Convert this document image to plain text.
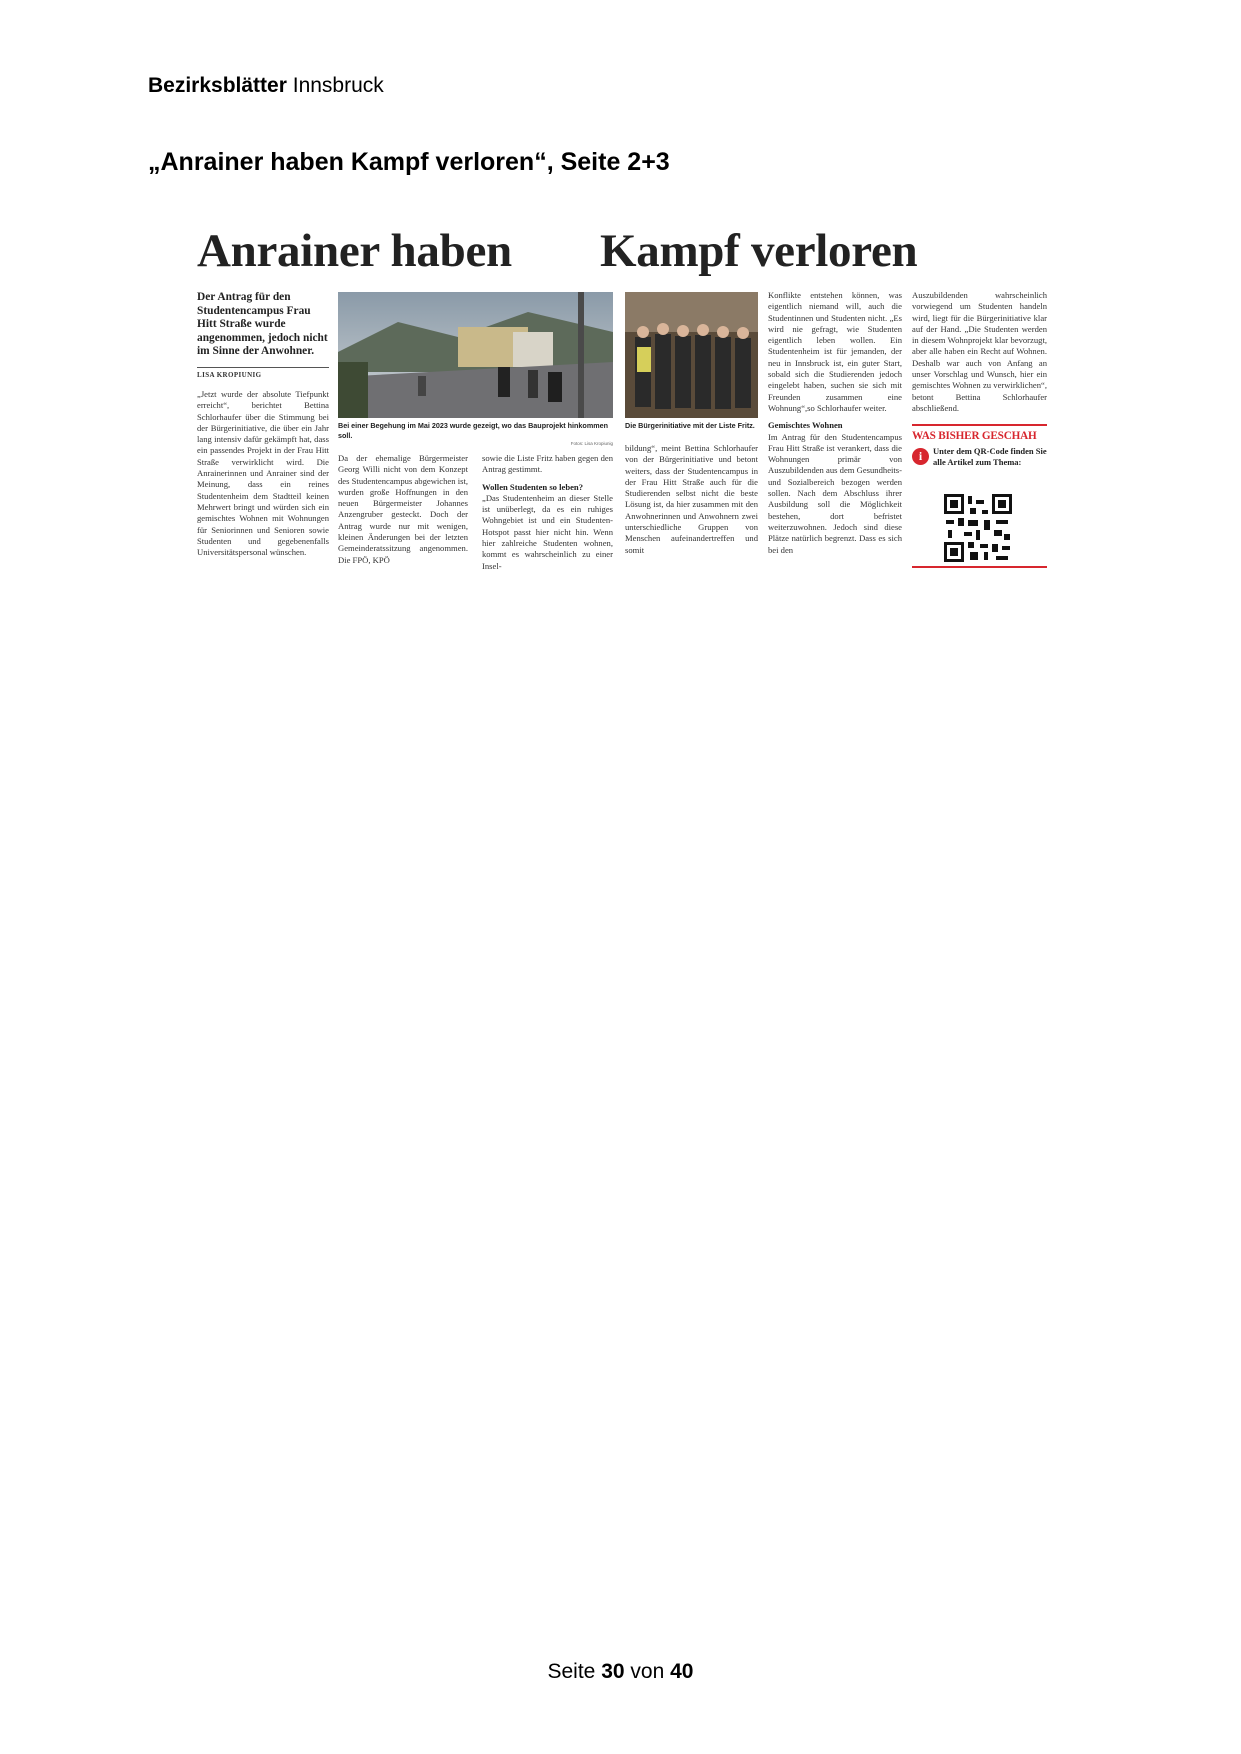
Bezirksblätter Innsbruck
„Anrainer haben Kampf verloren“, Seite 2+3
Anrainer haben Kampf verloren
Der Antrag für den Studentencampus Frau Hitt Straße wurde angenommen, jedoch nicht im Sinne der Anwohner.
LISA KROPIUNIG
„Jetzt wurde der absolute Tiefpunkt erreicht“, berichtet Bettina Schlorhaufer über die Stimmung bei der Bürgerinitiative, die über ein Jahr lang intensiv dafür gekämpft hat, dass ein passendes Projekt in der Frau Hitt Straße verwirklicht wird. Die Anrainerinnen und Anrainer sind der Meinung, dass ein reines Studentenheim dem Stadtteil keinen Mehrwert bringt und würden sich ein gemischtes Wohnen mit Wohnungen für Seniorinnen und Senioren sowie Studenten und gegebenenfalls Universitätspersonal wünschen.
Bei einer Begehung im Mai 2023 wurde gezeigt, wo das Bauprojekt hinkommen soll.
Fotos: Lisa Kropiunig
Da der ehemalige Bürgermeister Georg Willi nicht von dem Konzept des Studentencampus abgewichen ist, wurden große Hoffnungen in den neuen Bürgermeister Johannes Anzengruber gesteckt. Doch der Antrag wurde nur mit wenigen, kleinen Änderungen bei der letzten Gemeinderatssitzung angenommen. Die FPÖ, KPÖ
sowie die Liste Fritz haben gegen den Antrag gestimmt.
Wollen Studenten so leben?
„Das Studentenheim an dieser Stelle ist unüberlegt, da es ein ruhiges Wohngebiet ist und ein Studenten-Hotspot passt hier nicht hin. Wenn hier zahlreiche Studenten wohnen, kommt es wahrscheinlich zu einer Insel-
Die Bürgerinitiative mit der Liste Fritz.
bildung“, meint Bettina Schlorhaufer von der Bürgerinitiative und betont weiters, dass der Studentencampus in der Frau Hitt Straße auch für die Studierenden selbst nicht die beste Lösung ist, da hier zusammen mit den Anwohnerinnen und Anwohnern zwei unterschiedliche Gruppen von Menschen aufeinandertreffen und somit
Konflikte entstehen können, was eigentlich niemand will, auch die Studentinnen und Studenten nicht. „Es wird nie gefragt, wie Studenten eigentlich leben wollen. Ein Studentenheim ist für jemanden, der neu in Innsbruck ist, ein guter Start, sobald sich die Studierenden jedoch eingelebt haben, suchen sie sich mit Freunden zusammen eine Wohnung“,so Schlorhaufer weiter.
Gemischtes Wohnen
Im Antrag für den Studentencampus Frau Hitt Straße ist verankert, dass die Wohnungen primär von Auszubildenden aus dem Gesundheits- und Sozialbereich bezogen werden sollen. Nach dem Abschluss ihrer Ausbildung soll die Möglichkeit bestehen, dort befristet weiterzuwohnen. Jedoch sind diese Plätze natürlich begrenzt. Dass es sich bei den
Auszubildenden wahrscheinlich vorwiegend um Studenten handeln wird, liegt für die Bürgerinitiative klar auf der Hand. „Die Studenten werden in diesem Wohnprojekt klar bevorzugt, aber alle haben ein Recht auf Wohnen. Deshalb war auch von Anfang an unser Vorschlag und Wunsch, hier ein gemischtes Wohnen zu verwirklichen“, betont Bettina Schlorhaufer abschließend.
WAS BISHER GESCHAH
i	Unter dem QR-Code finden Sie alle Artikel zum Thema:
Seite 30 von 40
